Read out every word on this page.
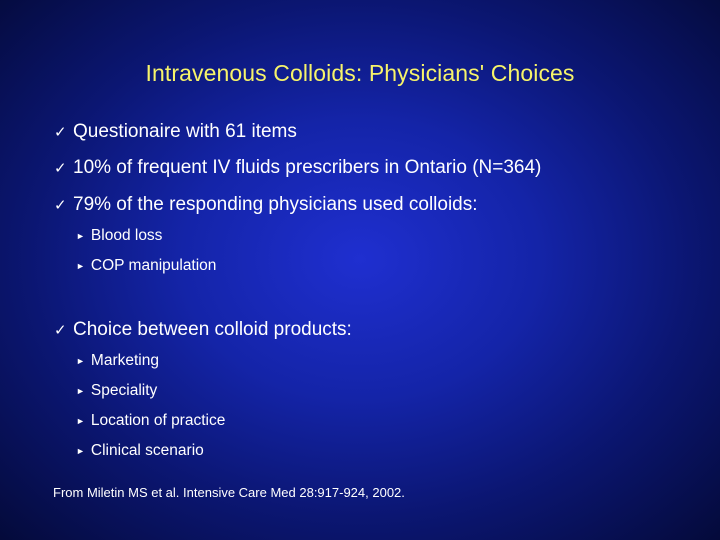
Intravenous Colloids: Physicians' Choices
✓ Questionaire with 61 items
✓ 10% of frequent IV fluids prescribers in Ontario (N=364)
✓ 79% of the responding physicians used colloids:
► Blood loss
► COP manipulation
✓ Choice between colloid products:
► Marketing
► Speciality
► Location of practice
► Clinical scenario
From Miletin MS et al. Intensive Care Med 28:917-924, 2002.
